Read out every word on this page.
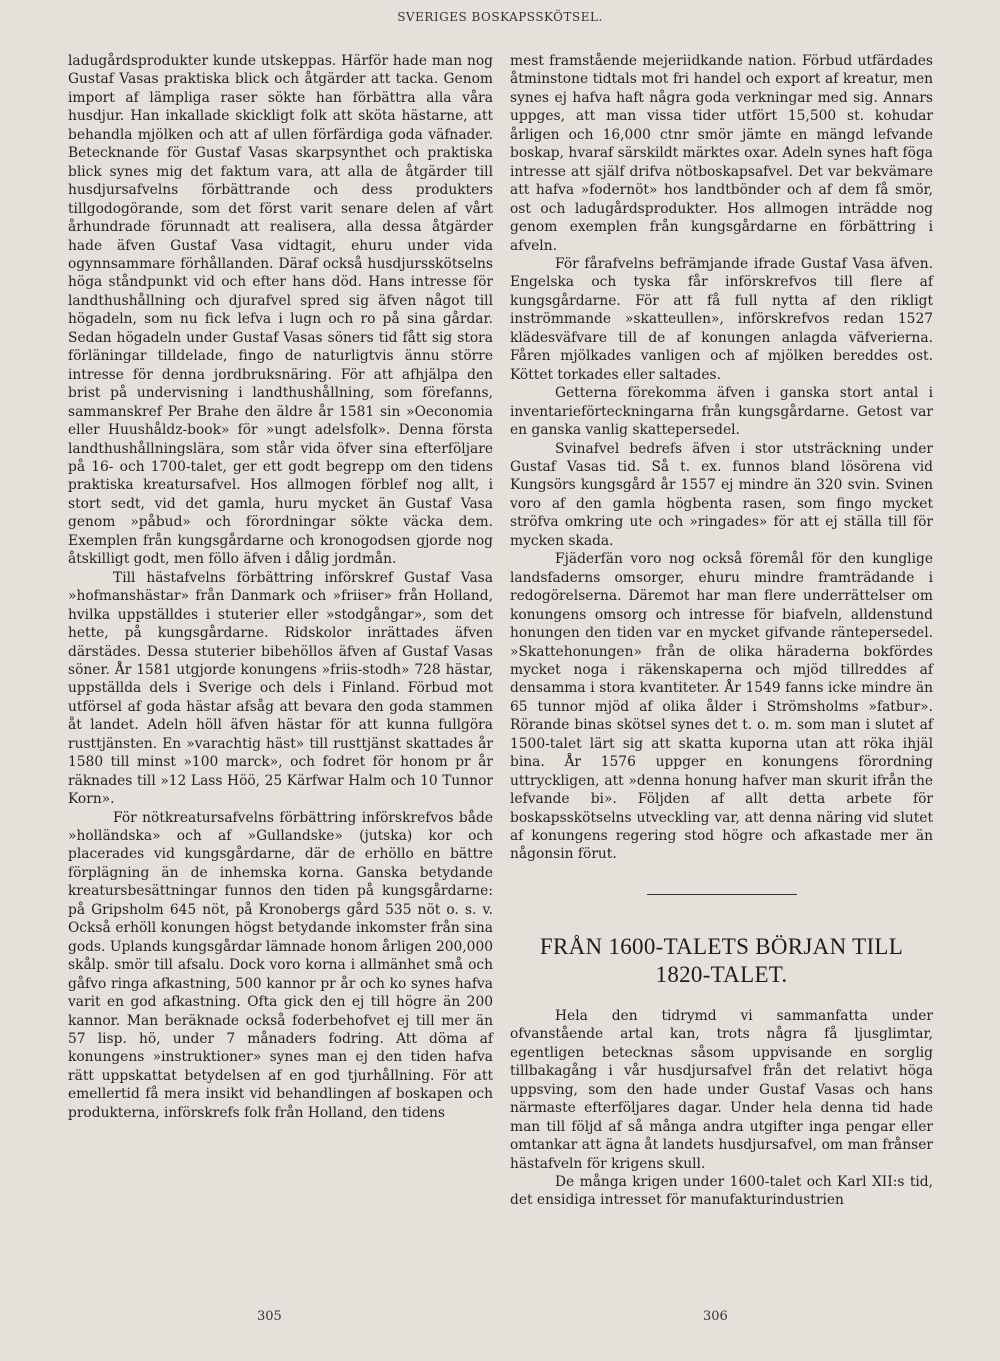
SVERIGES BOSKAPSSKÖTSEL.

ladugårdsprodukter kunde utskeppas. Härför hade man nog Gustaf Vasas praktiska blick och åtgärder att tacka. Genom import af lämpliga raser sökte han förbättra alla våra husdjur. Han inkallade skickligt folk att sköta hästarne, att behandla mjölken och att af ullen förfärdiga goda väfnader. Betecknande för Gustaf Vasas skarpsynthet och praktiska blick synes mig det faktum vara, att alla de åtgärder till husdjursafvelns förbättrande och dess produkters tillgodogörande, som det först varit senare delen af vårt århundrade förunnadt att realisera, alla dessa åtgärder hade äfven Gustaf Vasa vidtagit, ehuru under vida ogynnsammare förhållanden. Däraf också husdjursskötselns höga ståndpunkt vid och efter hans död. Hans intresse för landthushållning och djurafvel spred sig äfven något till högadeln, som nu fick lefva i lugn och ro på sina gårdar. Sedan högadeln under Gustaf Vasas söners tid fått sig stora förläningar tilldelade, fingo de naturligtvis ännu större intresse för denna jordbruksnäring. För att afhjälpa den brist på undervisning i landthushållning, som förefanns, sammanskref Per Brahe den äldre år 1581 sin »Oeconomia eller Huushåldz-book» för »ungt adelsfolk». Denna första landthushållningslära, som står vida öfver sina efterföljare på 16- och 1700-talet, ger ett godt begrepp om den tidens praktiska kreatursafvel. Hos allmogen förblef nog allt, i stort sedt, vid det gamla, huru mycket än Gustaf Vasa genom »påbud» och förordningar sökte väcka dem. Exemplen från kungsgårdarne och kronogodsen gjorde nog åtskilligt godt, men föllo äfven i dålig jordmån.

Till hästafvelns förbättring införskref Gustaf Vasa »hofmanshästar» från Danmark och »friiser» från Holland, hvilka uppställdes i stuterier eller »stodgångar», som det hette, på kungsgårdarne. Ridskolor inrättades äfven därstädes. Dessa stuterier bibehöllos äfven af Gustaf Vasas söner. År 1581 utgjorde konungens »friis-stodh» 728 hästar, uppställda dels i Sverige och dels i Finland. Förbud mot utförsel af goda hästar afsåg att bevara den goda stammen åt landet. Adeln höll äfven hästar för att kunna fullgöra rusttjänsten. En »varachtig häst» till rusttjänst skattades år 1580 till minst »100 marck», och fodret för honom pr år räknades till »12 Lass Höö, 25 Kärfwar Halm och 10 Tunnor Korn».

För nötkreatursafvelns förbättring införskrefvos både »holländska» och af »Gullandske» (jutska) kor och placerades vid kungsgårdarne, där de erhöllo en bättre förplägning än de inhemska korna. Ganska betydande kreatursbesättningar funnos den tiden på kungsgårdarne: på Gripsholm 645 nöt, på Kronobergs gård 535 nöt o. s. v. Också erhöll konungen högst betydande inkomster från sina gods. Uplands kungsgårdar lämnade honom årligen 200,000 skålp. smör till afsalu. Dock voro korna i allmänhet små och gåfvo ringa afkastning, 500 kannor pr år och ko synes hafva varit en god afkastning. Ofta gick den ej till högre än 200 kannor. Man beräknade också foderbehofvet ej till mer än 57 lisp. hö, under 7 månaders fodring. Att döma af konungens »instruktioner» synes man ej den tiden hafva rätt uppskattat betydelsen af en god tjurhållning. För att emellertid få mera insikt vid behandlingen af boskapen och produkterna, införskrefs folk från Holland, den tidens

mest framstående mejeriidkande nation. Förbud utfärdades åtminstone tidtals mot fri handel och export af kreatur, men synes ej hafva haft några goda verkningar med sig. Annars uppges, att man vissa tider utfört 15,500 st. kohudar årligen och 16,000 ctnr smör jämte en mängd lefvande boskap, hvaraf särskildt märktes oxar. Adeln synes haft föga intresse att själf drifva nötboskapsafvel. Det var bekvämare att hafva »fodernöt» hos landtbönder och af dem få smör, ost och ladugårdsprodukter. Hos allmogen inträdde nog genom exemplen från kungsgårdarne en förbättring i afveln.

För fårafvelns befrämjande ifrade Gustaf Vasa äfven. Engelska och tyska får införskrefvos till flere af kungsgårdarne. För att få full nytta af den rikligt inströmmande »skatteullen», införskrefvos redan 1527 klädesväfvare till de af konungen anlagda väfverierna. Fåren mjölkades vanligen och af mjölken bereddes ost. Köttet torkades eller saltades.

Getterna förekomma äfven i ganska stort antal i inventarieförteckningarna från kungsgårdarne. Getost var en ganska vanlig skattepersedel.

Svinafvel bedrefs äfven i stor utsträckning under Gustaf Vasas tid. Så t. ex. funnos bland lösörena vid Kungsörs kungsgård år 1557 ej mindre än 320 svin. Svinen voro af den gamla högbenta rasen, som fingo mycket ströfva omkring ute och »ringades» för att ej ställa till för mycken skada.

Fjäderfän voro nog också föremål för den kunglige landsfaderns omsorger, ehuru mindre framträdande i redogörelserna. Däremot har man flere underrättelser om konungens omsorg och intresse för biafveln, alldenstund honungen den tiden var en mycket gifvande räntepersedel. »Skattehonungen» från de olika häraderna bokfördes mycket noga i räkenskaperna och mjöd tillreddes af densamma i stora kvantiteter. År 1549 fanns icke mindre än 65 tunnor mjöd af olika ålder i Strömsholms »fatbur». Rörande binas skötsel synes det t. o. m. som man i slutet af 1500-talet lärt sig att skatta kuporna utan att röka ihjäl bina. År 1576 uppger en konungens förordning uttryckligen, att »denna honung hafver man skurit ifrån the lefvande bi». Följden af allt detta arbete för boskapsskötselns utveckling var, att denna näring vid slutet af konungens regering stod högre och afkastade mer än någonsin förut.

FRÅN 1600-TALETS BÖRJAN TILL
1820-TALET.

Hela den tidrymd vi sammanfatta under ofvanstående artal kan, trots några få ljusglimtar, egentligen betecknas såsom uppvisande en sorglig tillbakagång i vår husdjursafvel från det relativt höga uppsving, som den hade under Gustaf Vasas och hans närmaste efterföljares dagar. Under hela denna tid hade man till följd af så många andra utgifter inga pengar eller omtankar att ägna åt landets husdjursafvel, om man frånser hästafveln för krigens skull.

De många krigen under 1600-talet och Karl XII:s tid, det ensidiga intresset för manufakturindustrien

305	306
